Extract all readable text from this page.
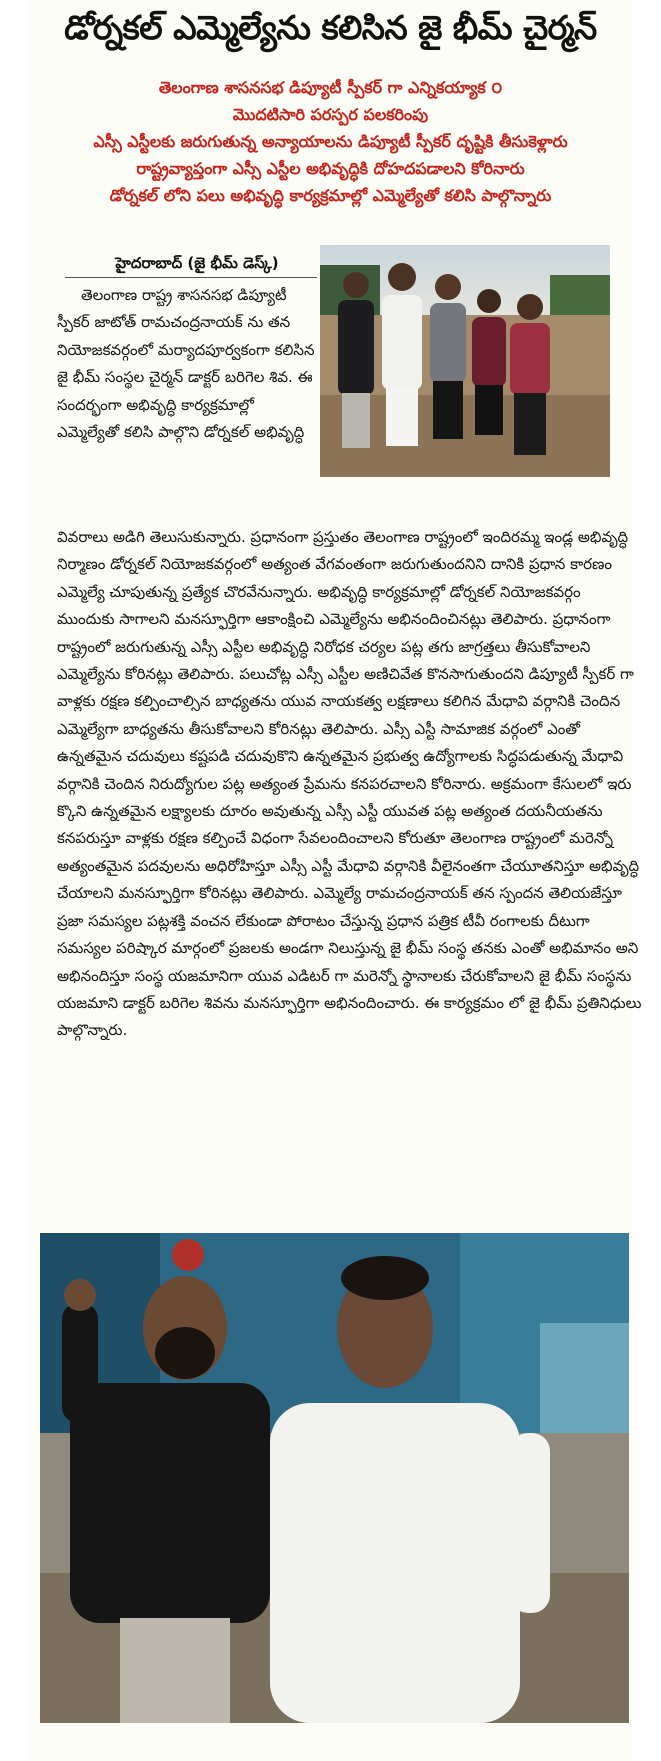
డోర్నకల్ ఎమ్మెల్యేను కలిసిన జై భీమ్ చైర్మన్
తెలంగాణ శాసనసభ డిప్యూటీ స్పీకర్ గా ఎన్నికయ్యాక ౦
మొదటిసారి పరస్పర పలకరింపు
ఎస్సీ ఎస్టీలకు జరుగుతున్న అన్యాయాలను డిప్యూటీ స్పీకర్ దృష్టికి తీసుకెళ్లారు
రాష్ట్రవ్యాప్తంగా ఎస్సీ ఎస్టీల అభివృద్ధికి దోహదపడాలని కోరినారు
డోర్నకల్ లోని పలు అభివృద్ధి కార్యక్రమాల్లో ఎమ్మెల్యేతో కలిసి పాల్గొన్నారు
హైదరాబాద్ (జై భీమ్ డెస్క్)

తెలంగాణ రాష్ట్ర శాసనసభ డిప్యూటీ స్పీకర్ జాటోత్ రామచంద్రనాయక్ ను తన నియోజకవర్గంలో మర్యాదపూర్వకంగా కలిసిన జై భీమ్ సంస్థల చైర్మన్ డాక్టర్ బరిగెల శివ. ఈ సందర్భంగా అభివృద్ధి కార్యక్రమాల్లో ఎమ్మెల్యేతో కలిసి పాల్గొని డోర్నకల్ అభివృద్ధి

వివరాలు అడిగి తెలుసుకున్నారు. ప్రధానంగా ప్రస్తుతం తెలంగాణ రాష్ట్రంలో ఇందిరమ్మ ఇండ్ల అభివృద్ధి నిర్మాణం డోర్నకల్ నియోజకవర్గంలో అత్యంత వేగవంతంగా జరుగుతుందనిని దానికి ప్రధాన కారణం ఎమ్మెల్యే చూపుతున్న ప్రత్యేక చొరవేనున్నారు. అభివృద్ధి కార్యక్రమాల్లో డోర్నకల్ నియోజకవర్గం ముందుకు సాగాలని మనస్ఫూర్తిగా ఆకాంక్షించి ఎమ్మెల్యేను అభినందించినట్లు తెలిపారు. ప్రధానంగా రాష్ట్రంలో జరుగుతున్న ఎస్సీ ఎస్టీల అభివృద్ధి నిరోధక చర్యల పట్ల తగు జాగ్రత్తలు తీసుకోవాలని ఎమ్మెల్యేను కోరినట్లు తెలిపారు. పలుచోట్ల ఎస్సీ ఎస్టీల అణిచివేత కొనసాగుతుందని డిప్యూటీ స్పీకర్ గా వాళ్లకు రక్షణ కల్పించాల్సిన బాధ్యతను యువ నాయకత్వ లక్షణాలు కలిగిన మేధావి వర్గానికి చెందిన ఎమ్మెల్యేగా బాధ్యతను తీసుకోవాలని కోరినట్లు తెలిపారు. ఎస్సీ ఎస్టీ సామాజిక వర్గంలో ఎంతో ఉన్నతమైన చదువులు కష్టపడి చదువుకొని ఉన్నతమైన ప్రభుత్వ ఉద్యోగాలకు సిద్ధపడుతున్న మేధావి వర్గానికి చెందిన నిరుద్యోగుల పట్ల అత్యంత ప్రేమను కనపరచాలని కోరినారు. అక్రమంగా కేసులలో ఇరు క్కొని ఉన్నతమైన లక్ష్యాలకు దూరం అవుతున్న ఎస్సీ ఎస్టీ యువత పట్ల అత్యంత దయనీయతను కనపరుస్తూ వాళ్లకు రక్షణ కల్పించే విధంగా సేవలందించాలని కోరుతూ తెలంగాణ రాష్ట్రంలో మరెన్నో అత్యంతమైన పదవులను అధిరోహిస్తూ ఎస్సీ ఎస్టీ మేధావి వర్గానికి వీలైనంతగా చేయూతనిస్తూ అభివృద్ధి చేయాలని మనస్ఫూర్తిగా కోరినట్లు తెలిపారు. ఎమ్మెల్యే రామచంద్రనాయక్ తన స్పందన తెలియజేస్తూ ప్రజా సమస్యల పట్లశక్తి వంచన లేకుండా పోరాటం చేస్తున్న ప్రధాన పత్రిక టీవీ రంగాలకు దీటుగా సమస్యల పరిష్కార మార్గంలో ప్రజలకు అండగా నిలుస్తున్న జై భీమ్ సంస్థ తనకు ఎంతో అభిమానం అని అభినందిస్తూ సంస్థ యజమానిగా యువ ఎడిటర్ గా మరెన్నో స్థానాలకు చేరుకోవాలని జై భీమ్ సంస్థను యజమాని డాక్టర్ బరిగెల శివను మనస్ఫూర్తిగా అభినందించారు. ఈ కార్యక్రమం లో జై భీమ్ ప్రతినిధులు పాల్గొన్నారు.
